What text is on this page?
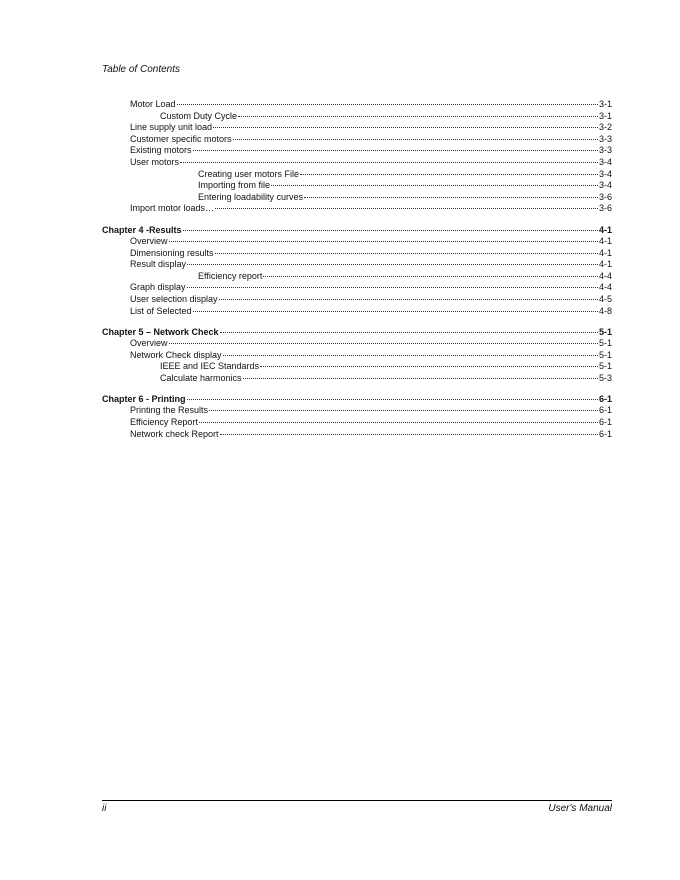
Table of Contents
Motor Load	3-1
Custom Duty Cycle	3-1
Line supply unit load	3-2
Customer specific motors	3-3
Existing motors	3-3
User motors	3-4
Creating user motors File	3-4
Importing from file	3-4
Entering loadability curves	3-6
Import motor loads…	3-6
Chapter 4 -Results	4-1
Overview	4-1
Dimensioning results	4-1
Result display	4-1
Efficiency report	4-4
Graph display	4-4
User selection display	4-5
List of Selected	4-8
Chapter 5 – Network Check	5-1
Overview	5-1
Network Check display	5-1
IEEE and IEC Standards	5-1
Calculate harmonics	5-3
Chapter 6 - Printing	6-1
Printing the Results	6-1
Efficiency Report	6-1
Network check Report	6-1
ii	User's Manual
